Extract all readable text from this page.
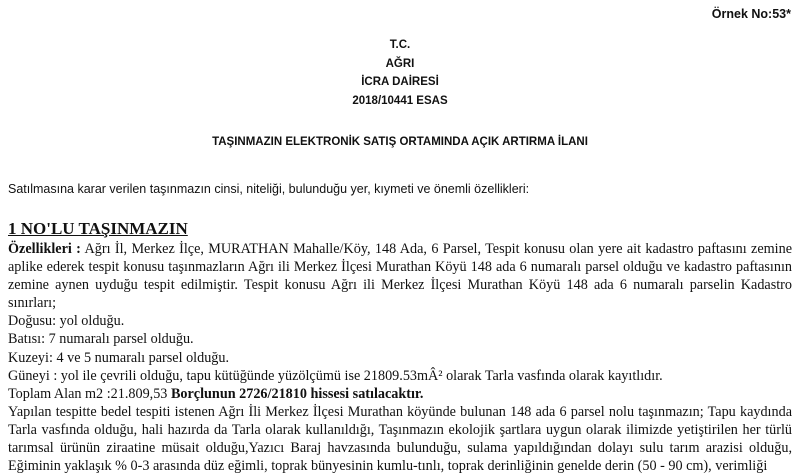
Örnek No:53*
T.C.
AĞRI
İCRA DAİRESİ
2018/10441 ESAS
TAŞINMAZIN ELEKTRONİK SATIŞ ORTAMINDA AÇIK ARTIRMA İLANI
Satılmasına karar verilen taşınmazın cinsi, niteliği, bulunduğu yer, kıymeti ve önemli özellikleri:
1 NO'LU TAŞINMAZIN

Özellikleri : Ağrı İl, Merkez İlçe, MURATHAN Mahalle/Köy, 148 Ada, 6 Parsel, Tespit konusu olan yere ait kadastro paftasını zemine aplike ederek tespit konusu taşınmazların Ağrı ili Merkez İlçesi Murathan Köyü 148 ada 6 numaralı parsel olduğu ve kadastro paftasının zemine aynen uyduğu tespit edilmiştir. Tespit konusu Ağrı ili Merkez İlçesi Murathan Köyü 148 ada 6 numaralı parselin Kadastro sınırları;

Doğusu: yol olduğu.

Batısı: 7 numaralı parsel olduğu.

Kuzeyi: 4 ve 5 numaralı parsel olduğu.

Güneyi : yol ile çevrili olduğu, tapu kütüğünde yüzölçümü ise 21809.53mÂ² olarak Tarla vasfında olarak kayıtlıdır.

Toplam Alan m2 :21.809,53 Borçlunun 2726/21810 hissesi satılacaktır.

Yapılan tespitte bedel tespiti istenen Ağrı İli Merkez İlçesi Murathan köyünde bulunan 148 ada 6 parsel nolu taşınmazın; Tapu kaydında Tarla vasfında olduğu, hali hazırda da Tarla olarak kullanıldığı, Taşınmazın ekolojik şartlara uygun olarak ilimizde yetiştirilen her türlü tarımsal ürünün ziraatine müsait olduğu,Yazıcı Baraj havzasında bulunduğu, sulama yapıldığından dolayı sulu tarım arazisi olduğu, Eğiminin yaklaşık % 0-3 arasında düz eğimli, toprak bünyesinin kumlu-tınlı, toprak derinliğinin genelde derin (50 - 90 cm), verimliği
